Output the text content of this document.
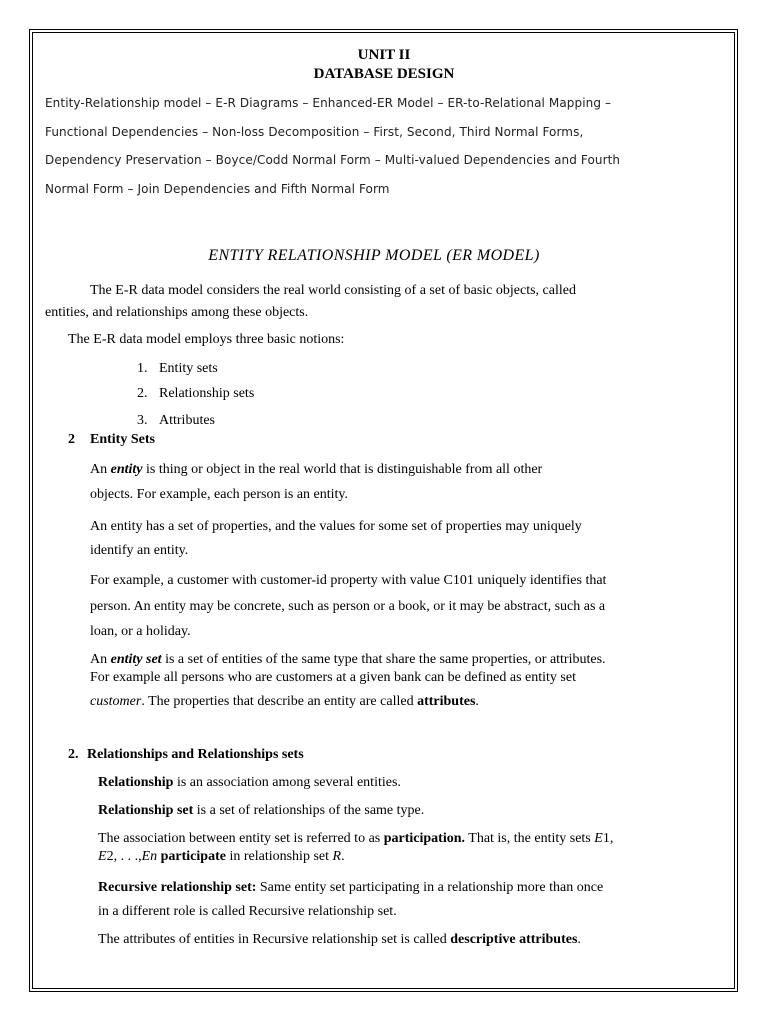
UNIT II
DATABASE DESIGN
Entity-Relationship model – E-R Diagrams – Enhanced-ER Model – ER-to-Relational Mapping –
Functional Dependencies – Non-loss Decomposition – First, Second, Third Normal Forms,
Dependency Preservation – Boyce/Codd Normal Form – Multi-valued Dependencies and Fourth
Normal Form – Join Dependencies and Fifth Normal Form
ENTITY RELATIONSHIP MODEL (ER MODEL)
The E-R data model considers the real world consisting of a set of basic objects, called
entities, and relationships among these objects.
The E-R data model employs three basic notions:
1. Entity sets
2. Relationship sets
3. Attributes
2 Entity Sets
An entity is thing or object in the real world that is distinguishable from all other
objects. For example, each person is an entity.
An entity has a set of properties, and the values for some set of properties may uniquely
identify an entity.
For example, a customer with customer-id property with value C101 uniquely identifies that
person. An entity may be concrete, such as person or a book, or it may be abstract, such as a
loan, or a holiday.
An entity set is a set of entities of the same type that share the same properties, or attributes.
For example all persons who are customers at a given bank can be defined as entity set
customer. The properties that describe an entity are called attributes.
2. Relationships and Relationships sets
Relationship is an association among several entities.
Relationship set is a set of relationships of the same type.
The association between entity set is referred to as participation. That is, the entity sets E1,
E2, . . .,En participate in relationship set R.
Recursive relationship set: Same entity set participating in a relationship more than once
in a different role is called Recursive relationship set.
The attributes of entities in Recursive relationship set is called descriptive attributes.
